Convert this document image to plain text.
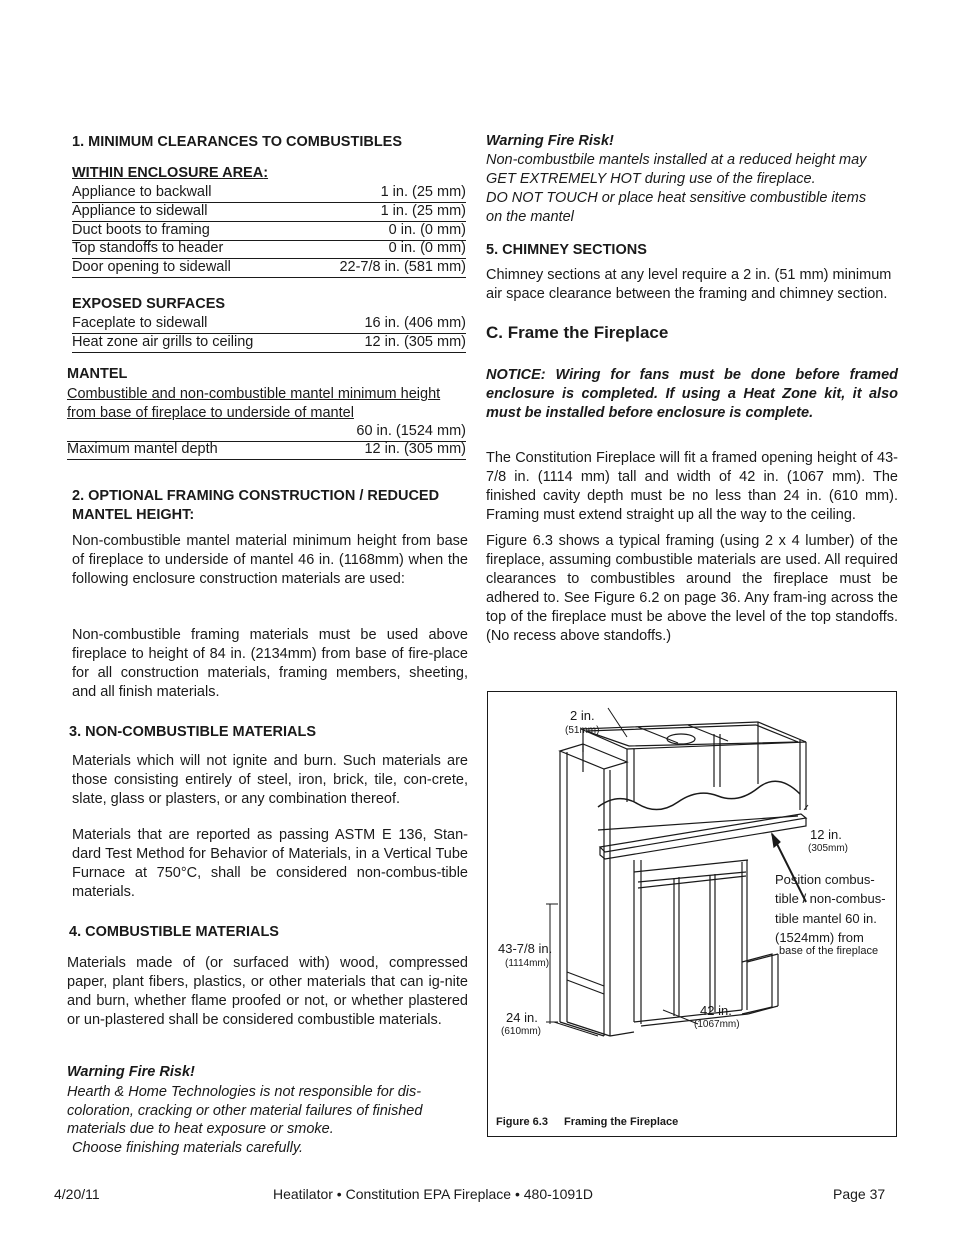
1. MINIMUM CLEARANCES TO COMBUSTIBLES
WITHIN ENCLOSURE AREA:
Appliance to backwall	1 in. (25 mm)
Appliance to sidewall	1 in. (25 mm)
Duct boots to framing	0 in. (0 mm)
Top standoffs to header	0 in. (0 mm)
Door opening to sidewall	22-7/8 in. (581 mm)
EXPOSED SURFACES
Faceplate to sidewall	16 in. (406 mm)
Heat zone air grills to ceiling	12 in. (305 mm)
MANTEL
Combustible and non-combustible mantel minimum height
from base of fireplace to underside of mantel
60 in. (1524 mm)
Maximum mantel depth	12 in. (305 mm)
2. OPTIONAL FRAMING CONSTRUCTION / REDUCED MANTEL HEIGHT:
Non-combustible mantel material minimum height from base of fireplace to underside of mantel 46 in. (1168mm) when the following enclosure construction materials are used:
Non-combustible framing materials must be used above fireplace to height of 84 in. (2134mm) from base of fire-place for all construction materials, framing members, sheeting, and all finish materials.
3. NON-COMBUSTIBLE MATERIALS
Materials which will not ignite and burn. Such materials are those consisting entirely of steel, iron, brick, tile, con-crete, slate, glass or plasters, or any combination thereof.
Materials that are reported as passing ASTM E 136, Stan-dard Test Method for Behavior of Materials, in a Vertical Tube Furnace at 750°C, shall be considered non-combus-tible materials.
4. COMBUSTIBLE MATERIALS
Materials made of (or surfaced with) wood, compressed paper, plant fibers, plastics, or other materials that can ig-nite and burn, whether flame proofed or not, or whether plastered or un-plastered shall be considered combustible materials.
Warning Fire Risk!
Hearth & Home Technologies is not responsible for dis-
coloration, cracking or other material failures of finished
materials due to heat exposure or smoke.
Choose finishing materials carefully.
Warning Fire Risk!
Non-combustbile mantels installed at a reduced height may
GET EXTREMELY HOT during use of the fireplace.
DO NOT TOUCH or place heat sensitive combustible items
on the mantel
5. CHIMNEY SECTIONS
Chimney sections at any level require a 2 in. (51 mm) minimum air space clearance between the framing and chimney section.
C. Frame the Fireplace
NOTICE: Wiring for fans must be done before framed enclosure is completed. If using a Heat Zone kit, it also must be installed before enclosure is complete.
The Constitution Fireplace will fit a framed opening height of 43-7/8 in. (1114 mm) tall and width of 42 in. (1067 mm). The finished cavity depth must be no less than 24 in. (610 mm). Framing must extend straight up all the way to the ceiling.
Figure 6.3 shows a typical framing (using 2 x 4 lumber) of the fireplace, assuming combustible materials are used. All required clearances to combustibles around the fireplace must be adhered to. See Figure 6.2 on page 36. Any fram-ing across the top of the fireplace must be above the level of the top standoffs. (No recess above standoffs.)
2 in.
(51mm)
12 in.
(305mm)
Position combus-
tible / non-combus-
tible mantel 60 in.
(1524mm) from
base of the fireplace
43-7/8 in.
(1114mm)
24 in.
(610mm)
42 in.
(1067mm)
Figure 6.3 Framing the Fireplace
4/20/11	Heatilator • Constitution EPA Fireplace • 480-1091D	Page 37
